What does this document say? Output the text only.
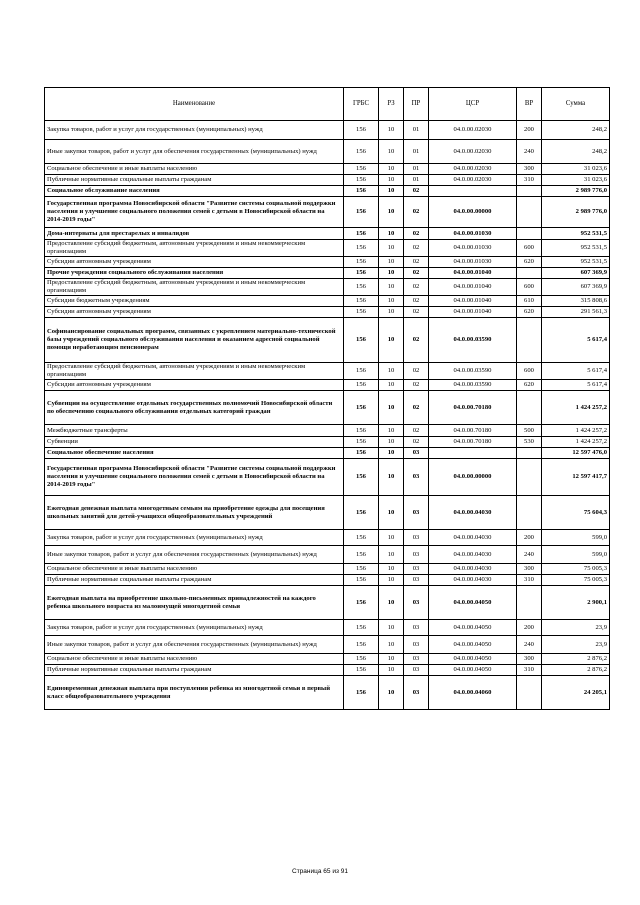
Наименование	ГРБС	РЗ	ПР	ЦСР	ВР	Сумма
Закупка товаров, работ и услуг для государственных (муниципальных) нужд	156	10	01	04.0.00.02030	200	248,2
Иные закупки товаров, работ и услуг для обеспечения государственных (муниципальных) нужд	156	10	01	04.0.00.02030	240	248,2
Социальное обеспечение и иные выплаты населению	156	10	01	04.0.00.02030	300	31 023,6
Публичные нормативные социальные выплаты гражданам	156	10	01	04.0.00.02030	310	31 023,6
Социальное обслуживание населения	156	10	02			2 989 776,0
Государственная программа Новосибирской области "Развитие системы социальной поддержки населения и улучшение социального положения семей с детьми в Новосибирской области на 2014-2019 годы"	156	10	02	04.0.00.00000		2 989 776,0
Дома-интернаты для престарелых и инвалидов	156	10	02	04.0.00.01030		952 531,5
Предоставление субсидий бюджетным, автономным учреждениям и иным некоммерческим организациям	156	10	02	04.0.00.01030	600	952 531,5
Субсидии автономным учреждениям	156	10	02	04.0.00.01030	620	952 531,5
Прочие учреждения социального обслуживания населения	156	10	02	04.0.00.01040		607 369,9
Предоставление субсидий бюджетным, автономным учреждениям и иным некоммерческим организациям	156	10	02	04.0.00.01040	600	607 369,9
Субсидии бюджетным учреждениям	156	10	02	04.0.00.01040	610	315 808,6
Субсидии автономным учреждениям	156	10	02	04.0.00.01040	620	291 561,3
Софинансирование социальных программ, связанных с укреплением материально-технической базы учреждений социального обслуживания населения и оказанием адресной социальной помощи неработающим пенсионерам	156	10	02	04.0.00.03590		5 617,4
Предоставление субсидий бюджетным, автономным учреждениям и иным некоммерческим организациям	156	10	02	04.0.00.03590	600	5 617,4
Субсидии автономным учреждениям	156	10	02	04.0.00.03590	620	5 617,4
Субвенции на осуществление отдельных государственных полномочий Новосибирской области по обеспечению социального обслуживания отдельных категорий граждан	156	10	02	04.0.00.70180		1 424 257,2
Межбюджетные трансферты	156	10	02	04.0.00.70180	500	1 424 257,2
Субвенции	156	10	02	04.0.00.70180	530	1 424 257,2
Социальное обеспечение населения	156	10	03			12 597 476,0
Государственная программа Новосибирской области "Развитие системы социальной поддержки населения и улучшение социального положения семей с детьми в Новосибирской области на 2014-2019 годы"	156	10	03	04.0.00.00000		12 597 417,7
Ежегодная денежная выплата многодетным семьям на приобретение одежды для посещения школьных занятий для детей-учащихся общеобразовательных учреждений	156	10	03	04.0.00.04030		75 604,3
Закупка товаров, работ и услуг для государственных (муниципальных) нужд	156	10	03	04.0.00.04030	200	599,0
Иные закупки товаров, работ и услуг для обеспечения государственных (муниципальных) нужд	156	10	03	04.0.00.04030	240	599,0
Социальное обеспечение и иные выплаты населению	156	10	03	04.0.00.04030	300	75 005,3
Публичные нормативные социальные выплаты гражданам	156	10	03	04.0.00.04030	310	75 005,3
Ежегодная выплата на приобретение школьно-письменных принадлежностей на каждого ребенка школьного возраста из малоимущей многодетной семьи	156	10	03	04.0.00.04050		2 900,1
Закупка товаров, работ и услуг для государственных (муниципальных) нужд	156	10	03	04.0.00.04050	200	23,9
Иные закупки товаров, работ и услуг для обеспечения государственных (муниципальных) нужд	156	10	03	04.0.00.04050	240	23,9
Социальное обеспечение и иные выплаты населению	156	10	03	04.0.00.04050	300	2 876,2
Публичные нормативные социальные выплаты гражданам	156	10	03	04.0.00.04050	310	2 876,2
Единовременная денежная выплата при поступлении ребенка из многодетной семьи в первый класс общеобразовательного учреждения	156	10	03	04.0.00.04060		24 205,1
Страница 65 из 91
